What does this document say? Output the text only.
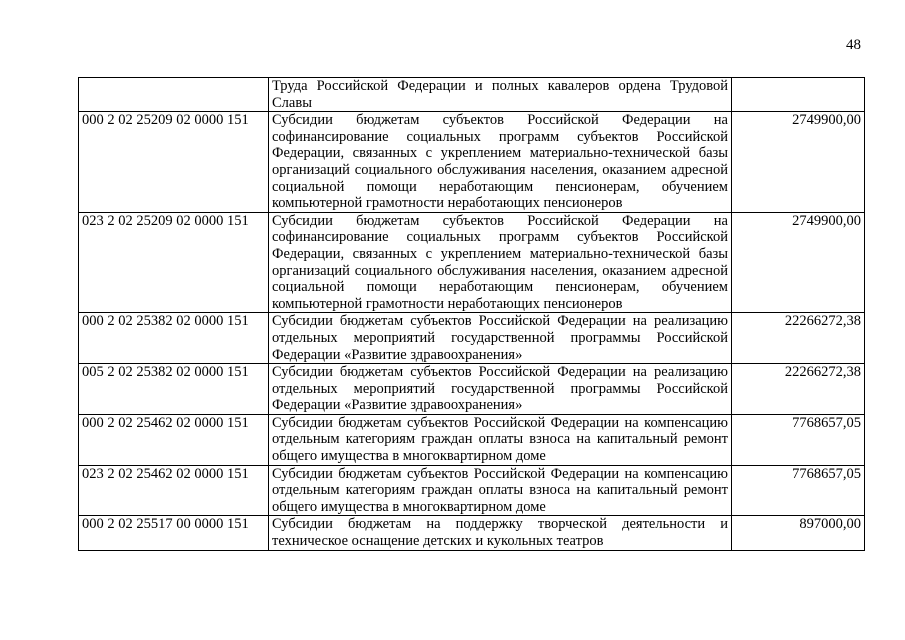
48
	Труда Российской Федерации и полных кавалеров ордена Трудовой Славы	
000 2 02 25209 02 0000 151	Субсидии бюджетам субъектов Российской Федерации на софинансирование социальных программ субъектов Российской Федерации, связанных с укреплением материально-технической базы организаций социального обслуживания населения, оказанием адресной социальной помощи неработающим пенсионерам, обучением компьютерной грамотности неработающих пенсионеров	2749900,00
023 2 02 25209 02 0000 151	Субсидии бюджетам субъектов Российской Федерации на софинансирование социальных программ субъектов Российской Федерации, связанных с укреплением материально-технической базы организаций социального обслуживания населения, оказанием адресной социальной помощи неработающим пенсионерам, обучением компьютерной грамотности неработающих пенсионеров	2749900,00
000 2 02 25382 02 0000 151	Субсидии бюджетам субъектов Российской Федерации на реализацию отдельных мероприятий государственной программы Российской Федерации «Развитие здравоохранения»	22266272,38
005 2 02 25382 02 0000 151	Субсидии бюджетам субъектов Российской Федерации на реализацию отдельных мероприятий государственной программы Российской Федерации «Развитие здравоохранения»	22266272,38
000 2 02 25462 02 0000 151	Субсидии бюджетам субъектов Российской Федерации на компенсацию отдельным категориям граждан оплаты взноса на капитальный ремонт общего имущества в многоквартирном доме	7768657,05
023 2 02 25462 02 0000 151	Субсидии бюджетам субъектов Российской Федерации на компенсацию отдельным категориям граждан оплаты взноса на капитальный ремонт общего имущества в многоквартирном доме	7768657,05
000 2 02 25517 00 0000 151	Субсидии бюджетам на поддержку творческой деятельности и техническое оснащение детских и кукольных театров	897000,00
